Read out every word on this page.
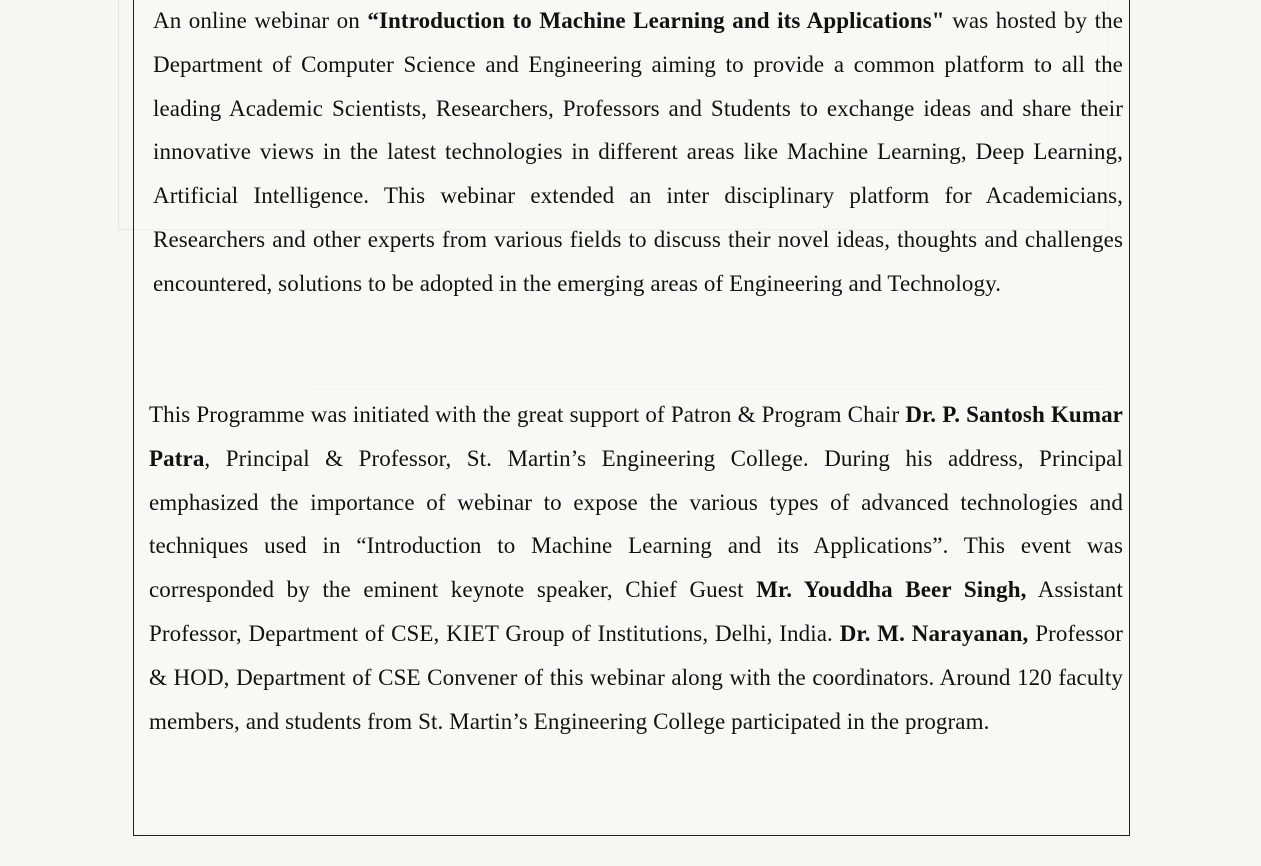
An online webinar on “Introduction to Machine Learning and its Applications" was hosted by the Department of Computer Science and Engineering aiming to provide a common platform to all the leading Academic Scientists, Researchers, Professors and Students to exchange ideas and share their innovative views in the latest technologies in different areas like Machine Learning, Deep Learning, Artificial Intelligence. This webinar extended an inter disciplinary platform for Academicians, Researchers and other experts from various fields to discuss their novel ideas, thoughts and challenges encountered, solutions to be adopted in the emerging areas of Engineering and Technology.

This Programme was initiated with the great support of Patron & Program Chair Dr. P. Santosh Kumar Patra, Principal & Professor, St. Martin’s Engineering College. During his address, Principal emphasized the importance of webinar to expose the various types of advanced technologies and techniques used in “Introduction to Machine Learning and its Applications”. This event was corresponded by the eminent keynote speaker, Chief Guest Mr. Youddha Beer Singh, Assistant Professor, Department of CSE, KIET Group of Institutions, Delhi, India. Dr. M. Narayanan, Professor & HOD, Department of CSE Convener of this webinar along with the coordinators. Around 120 faculty members, and students from St. Martin’s Engineering College participated in the program.
